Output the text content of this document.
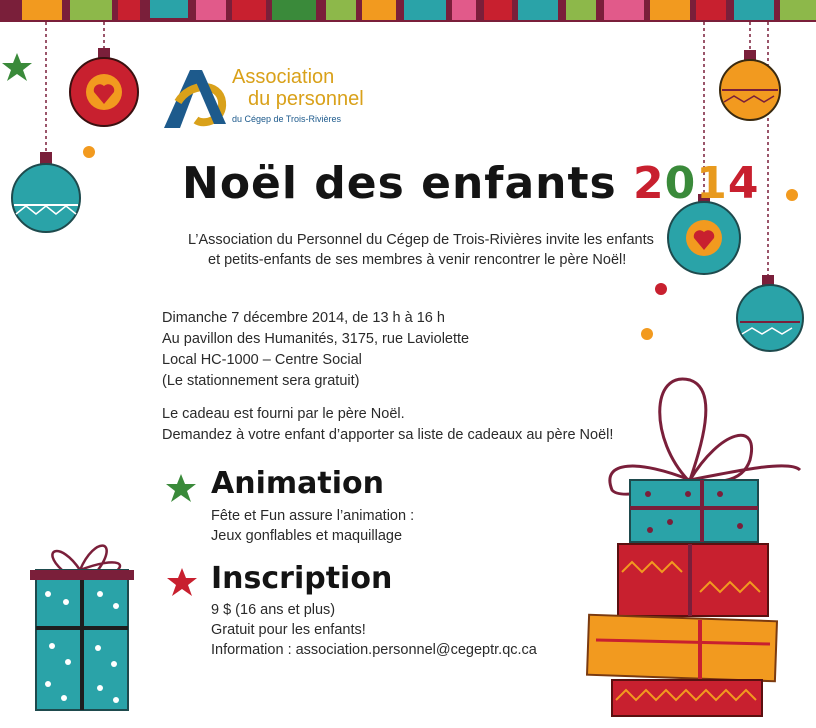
Association
du personnel
du Cégep de Trois-Rivières
Noël des enfants 2014
L’Association du Personnel du Cégep de Trois-Rivières invite les enfants
et petits-enfants de ses membres à venir rencontrer le père Noël!
Dimanche 7 décembre 2014, de 13 h à 16 h
Au pavillon des Humanités, 3175, rue Laviolette
Local HC-1000 – Centre Social
(Le stationnement sera gratuit)
Le cadeau est fourni par le père Noël.
Demandez à votre enfant d’apporter sa liste de cadeaux au père Noël!
Animation
Fête et Fun assure l’animation :
Jeux gonflables et maquillage
Inscription
9 $ (16 ans et plus)
Gratuit pour les enfants!
Information : association.personnel@cegeptr.qc.ca
